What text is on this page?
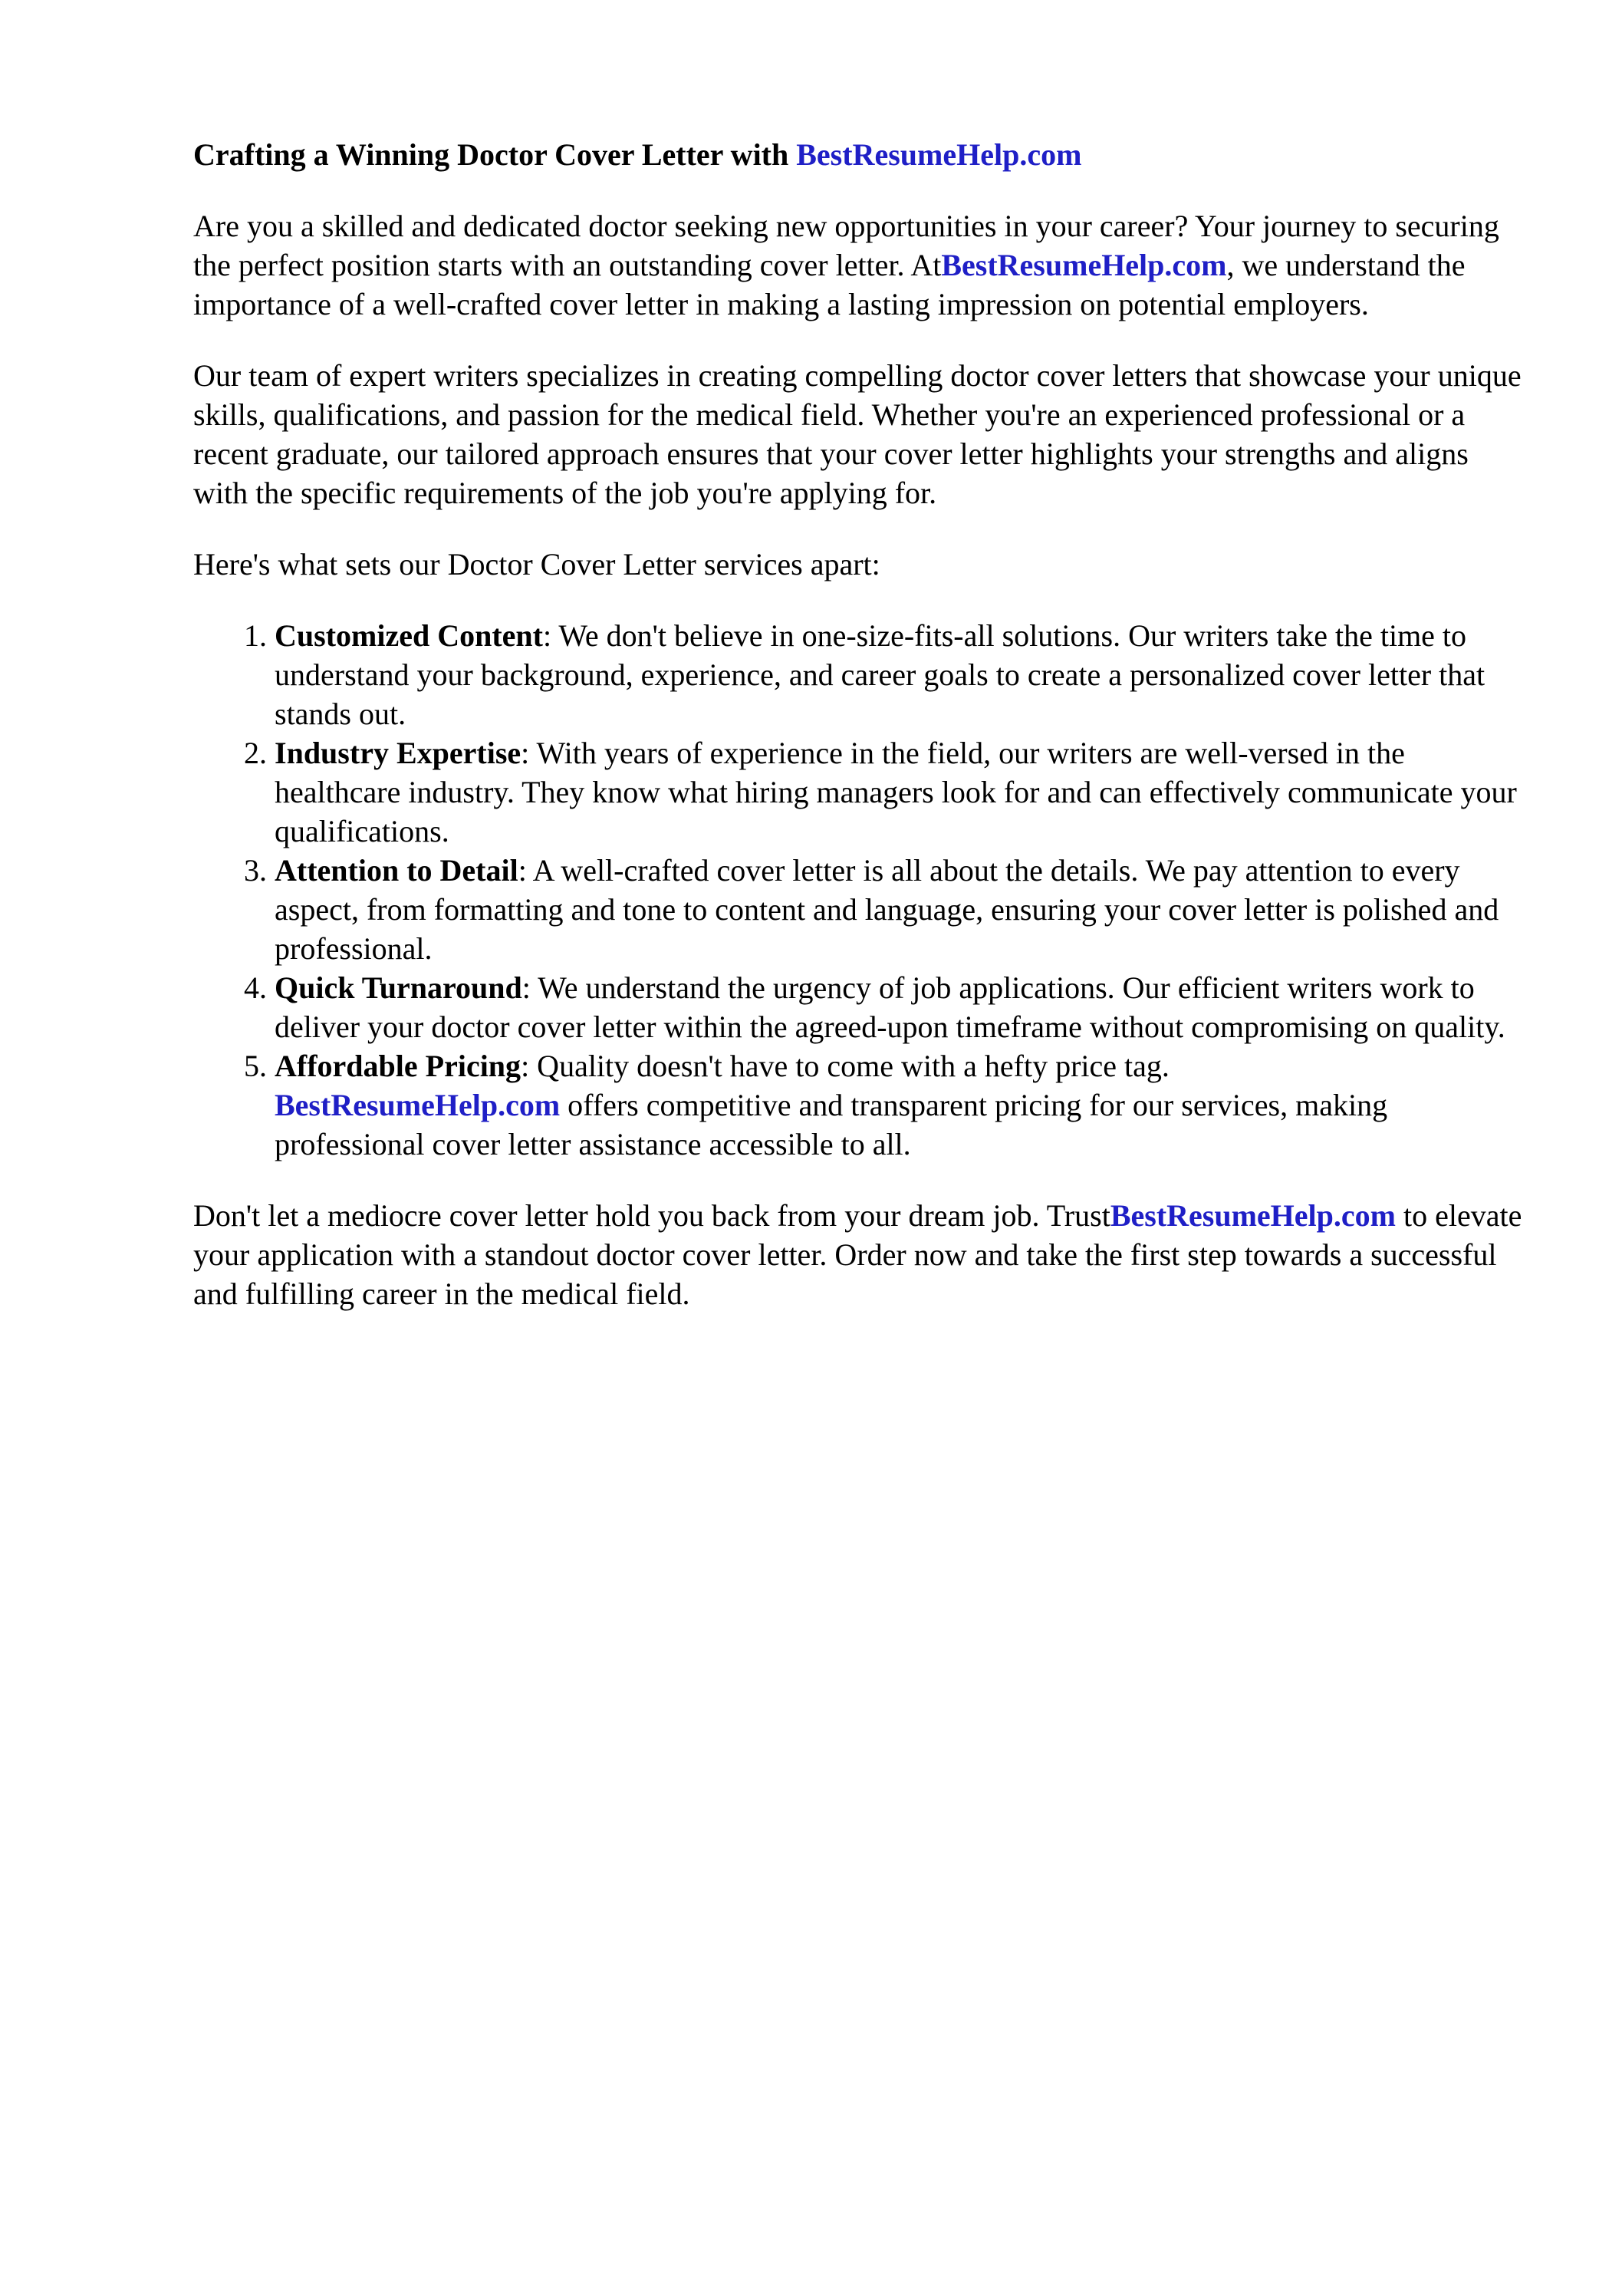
Crafting a Winning Doctor Cover Letter with BestResumeHelp.com

Are you a skilled and dedicated doctor seeking new opportunities in your career? Your journey to securing the perfect position starts with an outstanding cover letter. AtBestResumeHelp.com, we understand the importance of a well-crafted cover letter in making a lasting impression on potential employers.

Our team of expert writers specializes in creating compelling doctor cover letters that showcase your unique skills, qualifications, and passion for the medical field. Whether you're an experienced professional or a recent graduate, our tailored approach ensures that your cover letter highlights your strengths and aligns with the specific requirements of the job you're applying for.

Here's what sets our Doctor Cover Letter services apart:

1. Customized Content: We don't believe in one-size-fits-all solutions. Our writers take the time to understand your background, experience, and career goals to create a personalized cover letter that stands out.
2. Industry Expertise: With years of experience in the field, our writers are well-versed in the healthcare industry. They know what hiring managers look for and can effectively communicate your qualifications.
3. Attention to Detail: A well-crafted cover letter is all about the details. We pay attention to every aspect, from formatting and tone to content and language, ensuring your cover letter is polished and professional.
4. Quick Turnaround: We understand the urgency of job applications. Our efficient writers work to deliver your doctor cover letter within the agreed-upon timeframe without compromising on quality.
5. Affordable Pricing: Quality doesn't have to come with a hefty price tag.
BestResumeHelp.com offers competitive and transparent pricing for our services, making professional cover letter assistance accessible to all.

Don't let a mediocre cover letter hold you back from your dream job. TrustBestResumeHelp.com to elevate your application with a standout doctor cover letter. Order now and take the first step towards a successful and fulfilling career in the medical field.
